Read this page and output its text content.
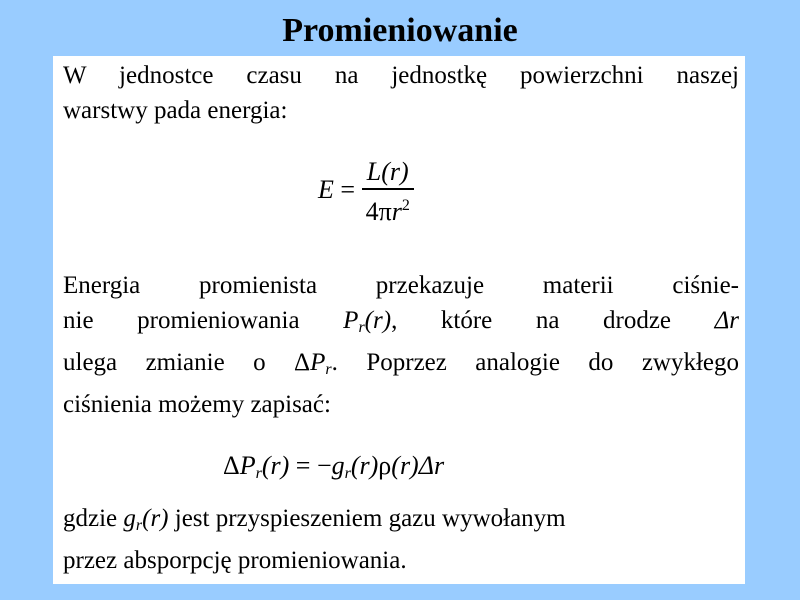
Promieniowanie
W jednostce czasu na jednostkę powierzchni naszej
warstwy pada energia:
$E = \frac{L(r)}{4\pi r^2}$
Energia promienista przekazuje materii ciśnie-
nie promieniowania $P_r(r)$, które na drodze Δr
ulega zmianie o $\Delta P_r$. Poprzez analogie do zwykłego
ciśnienia możemy zapisać:
$\Delta P_r(r) = -g_r(r)\rho(r)\Delta r$
gdzie $g_r(r)$ jest przyspieszeniem gazu wywołanym
przez absporpcję promieniowania.
